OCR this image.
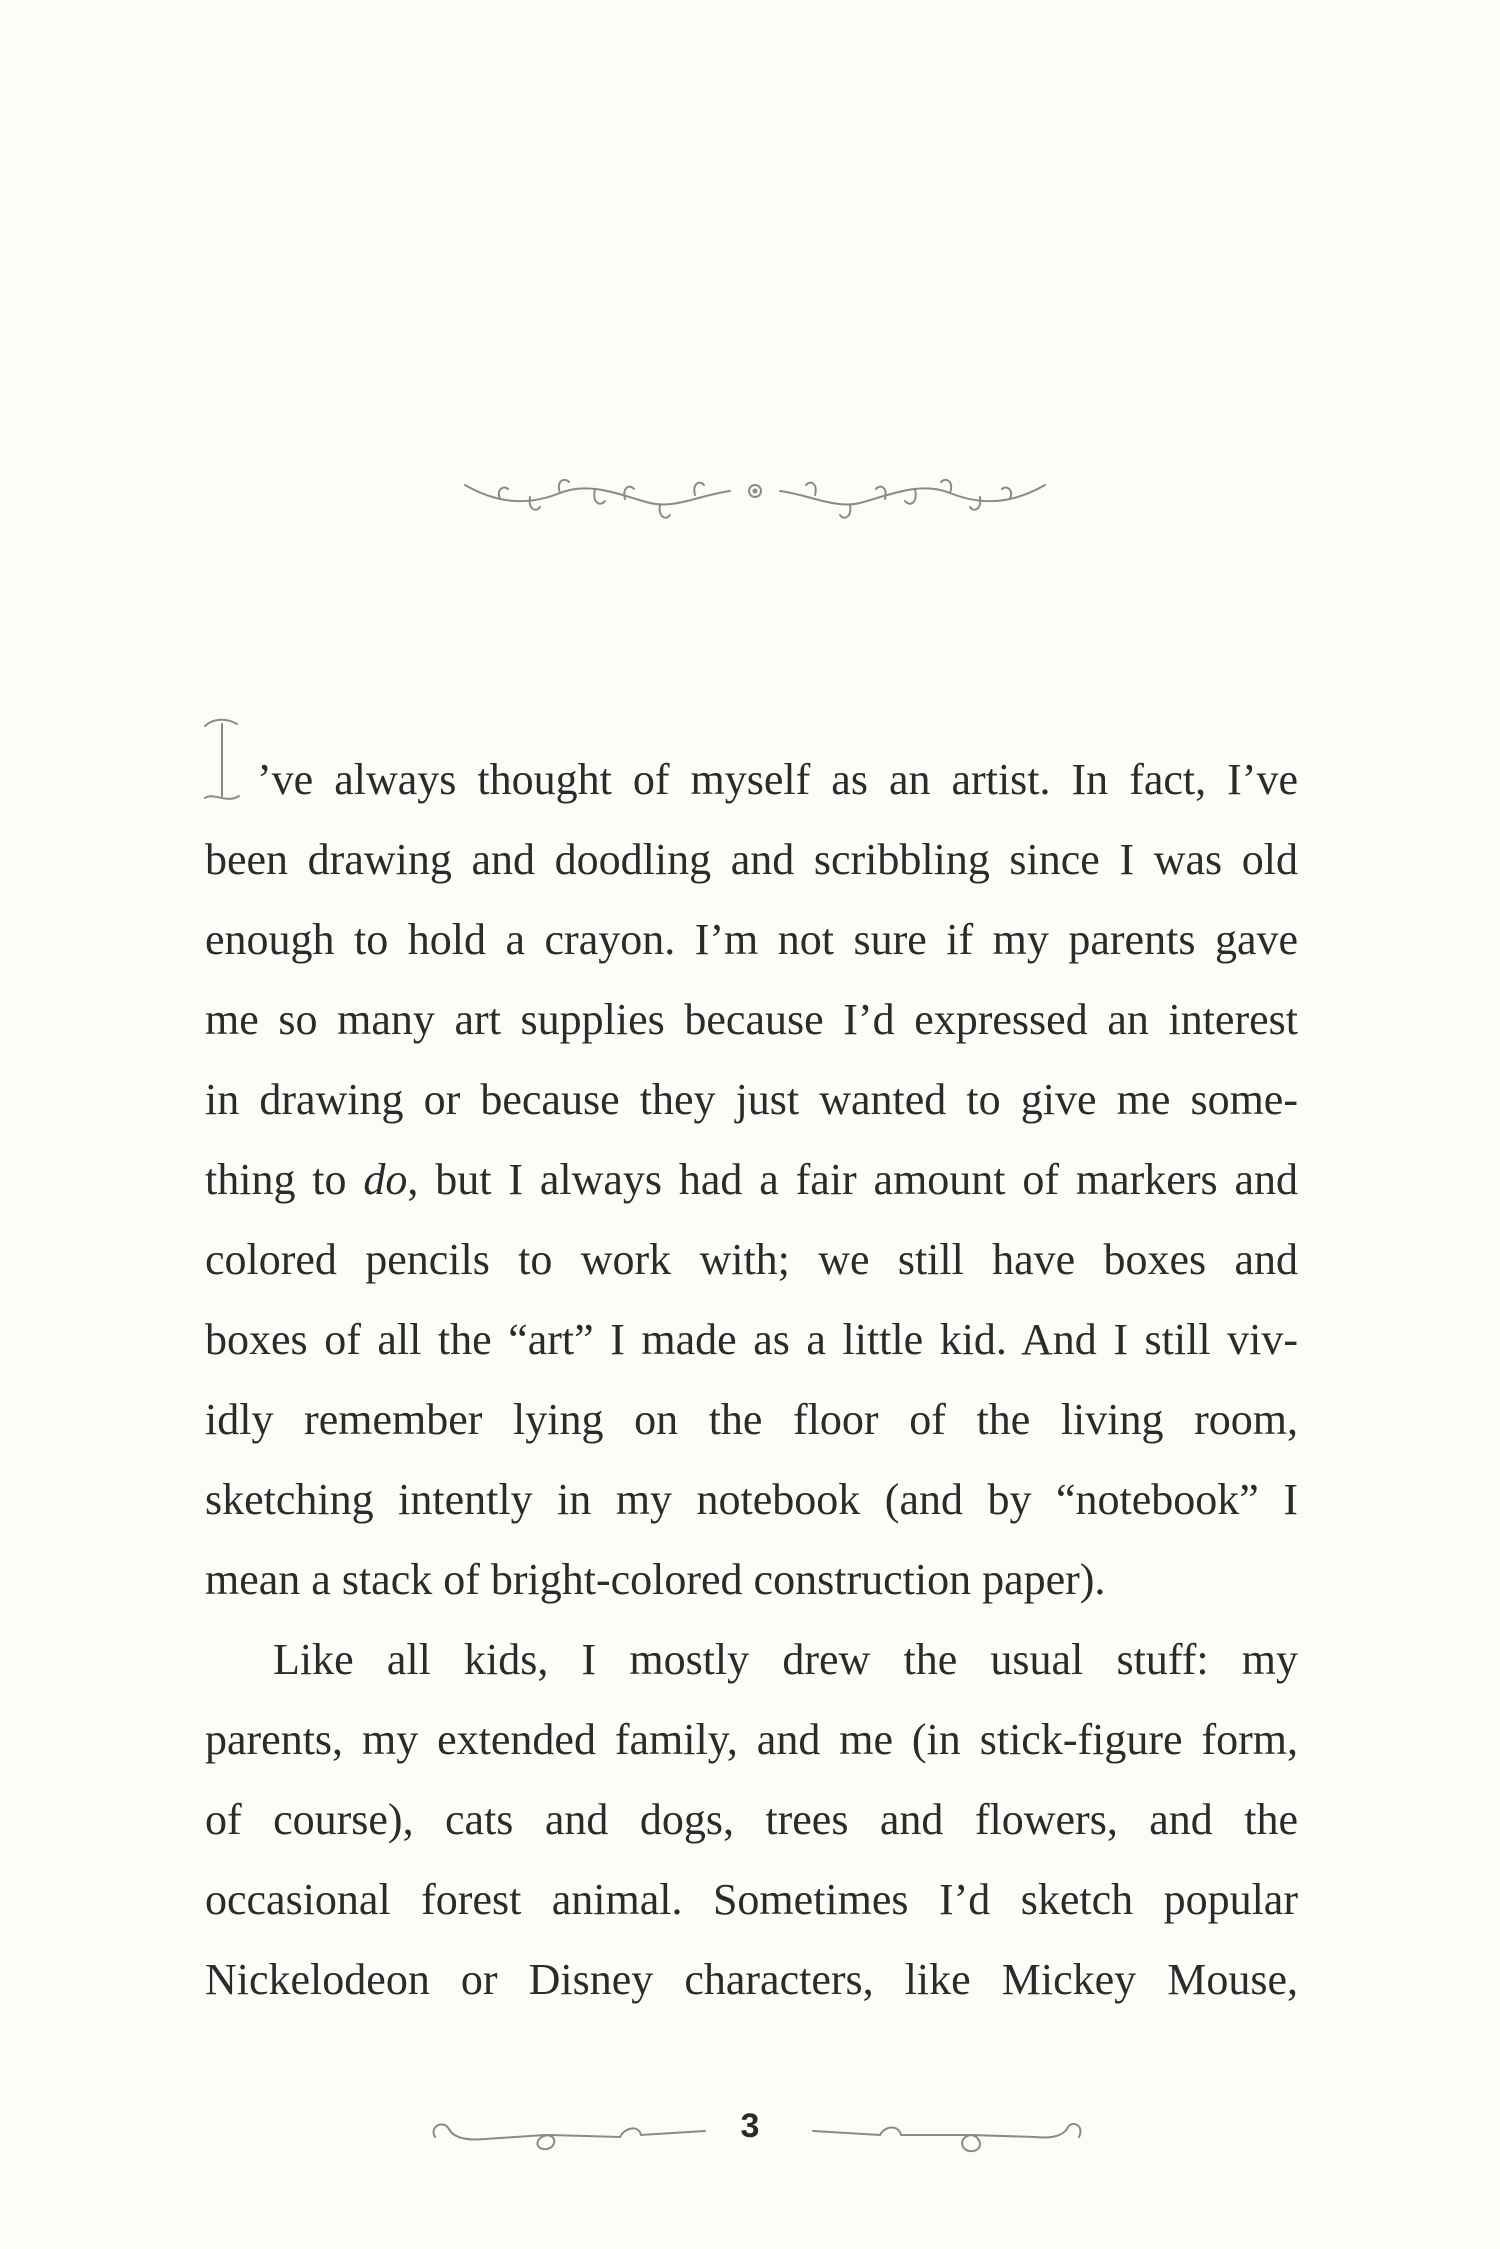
’ve always thought of myself as an artist. In fact, I’ve
been drawing and doodling and scribbling since I was old
enough to hold a crayon. I’m not sure if my parents gave
me so many art supplies because I’d expressed an interest
in drawing or because they just wanted to give me some-
thing to do, but I always had a fair amount of markers and
colored pencils to work with; we still have boxes and
boxes of all the “art” I made as a little kid. And I still viv-
idly remember lying on the floor of the living room,
sketching intently in my notebook (and by “notebook” I
mean a stack of bright-colored construction paper).
Like all kids, I mostly drew the usual stuff: my
parents, my extended family, and me (in stick-figure form,
of course), cats and dogs, trees and flowers, and the
occasional forest animal. Sometimes I’d sketch popular
Nickelodeon or Disney characters, like Mickey Mouse,
3
